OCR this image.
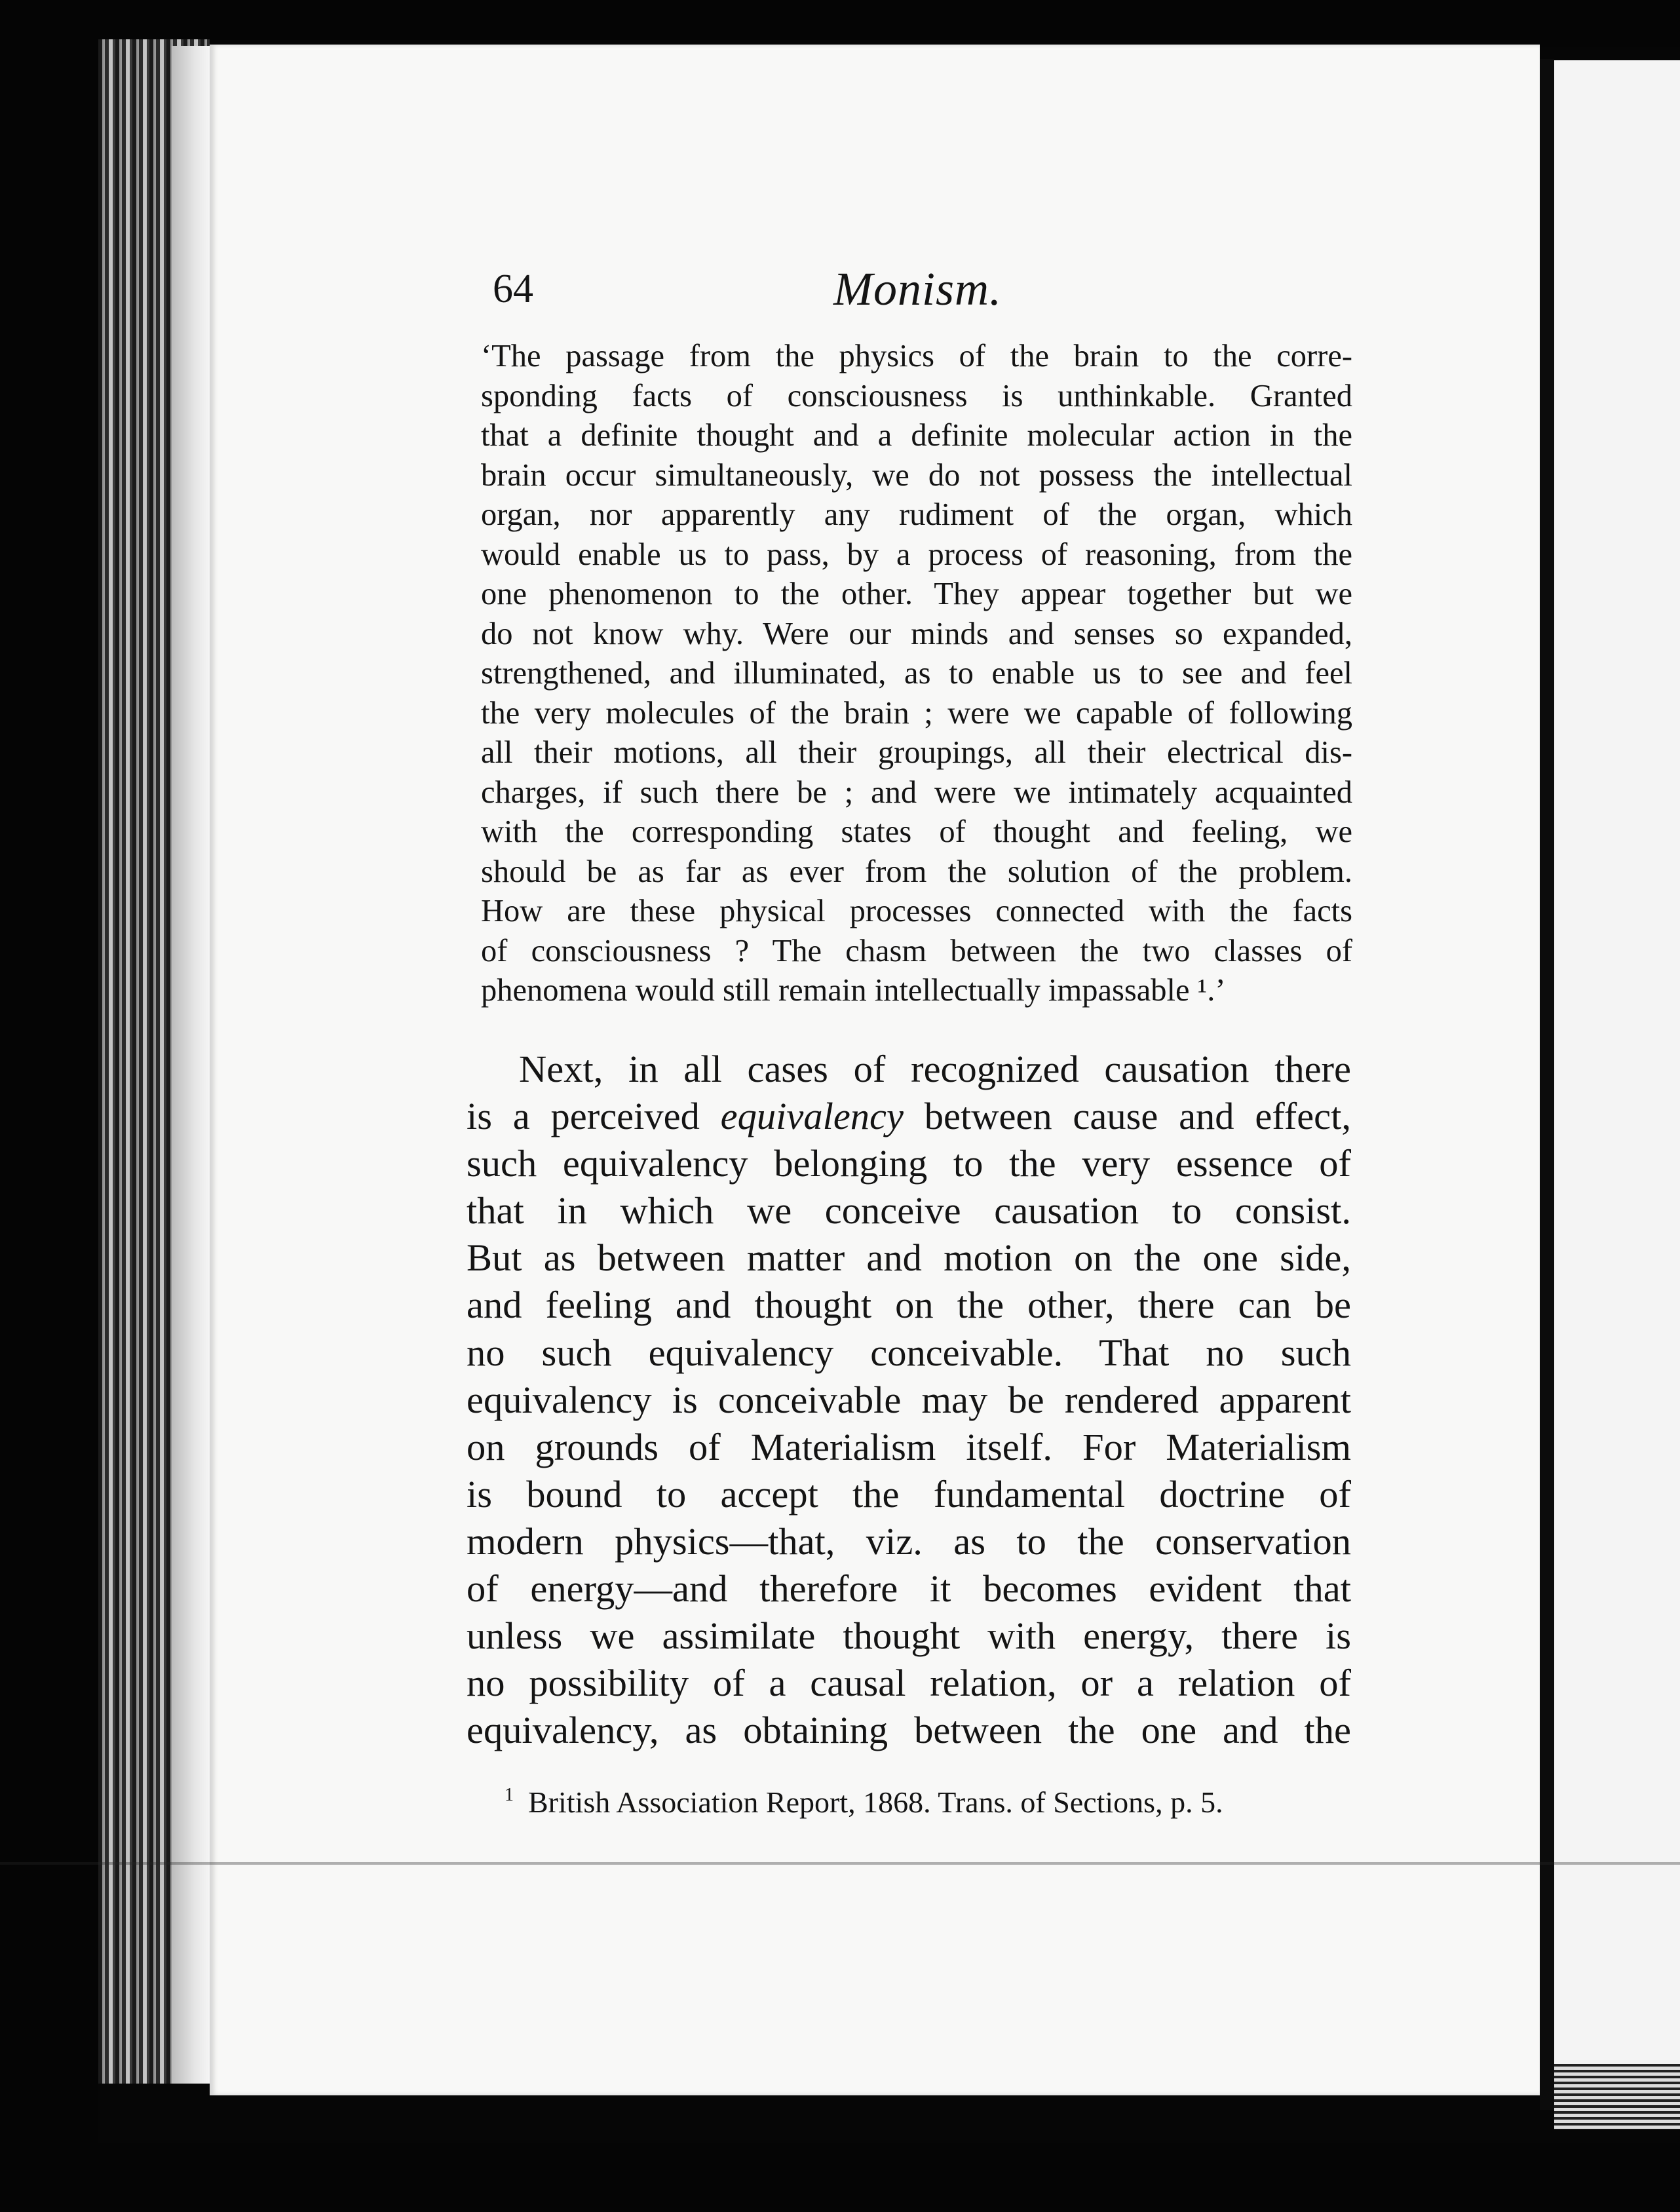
64	Monism.
‘The passage from the physics of the brain to the corre-
sponding facts of consciousness is unthinkable. Granted
that a definite thought and a definite molecular action in the
brain occur simultaneously, we do not possess the intellectual
organ, nor apparently any rudiment of the organ, which
would enable us to pass, by a process of reasoning, from the
one phenomenon to the other. They appear together but we
do not know why. Were our minds and senses so expanded,
strengthened, and illuminated, as to enable us to see and feel
the very molecules of the brain ; were we capable of following
all their motions, all their groupings, all their electrical dis-
charges, if such there be ; and were we intimately acquainted
with the corresponding states of thought and feeling, we
should be as far as ever from the solution of the problem.
How are these physical processes connected with the facts
of consciousness ? The chasm between the two classes of
phenomena would still remain intellectually impassable ¹.’
Next, in all cases of recognized causation there
is a perceived equivalency between cause and effect,
such equivalency belonging to the very essence of
that in which we conceive causation to consist.
But as between matter and motion on the one side,
and feeling and thought on the other, there can be
no such equivalency conceivable. That no such
equivalency is conceivable may be rendered apparent
on grounds of Materialism itself. For Materialism
is bound to accept the fundamental doctrine of
modern physics—that, viz. as to the conservation
of energy—and therefore it becomes evident that
unless we assimilate thought with energy, there is
no possibility of a causal relation, or a relation of
equivalency, as obtaining between the one and the
$^1$ British Association Report, 1868. Trans. of Sections, p. 5.
